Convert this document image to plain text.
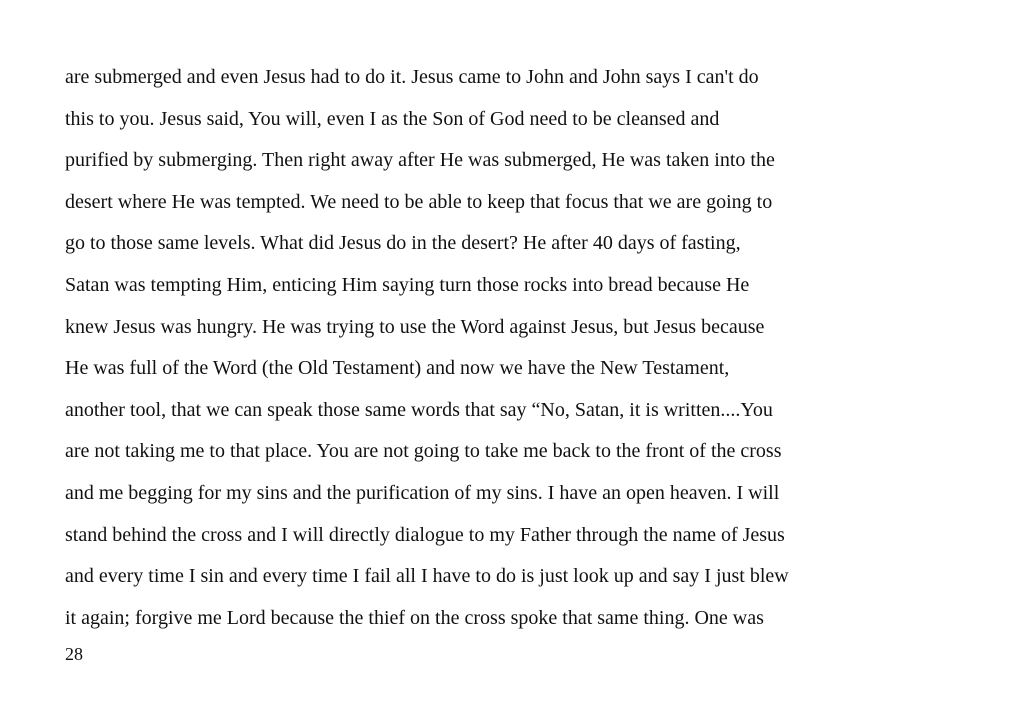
are submerged and even Jesus had to do it. Jesus came to John and John says I can't do
this to you. Jesus said, You will, even I as the Son of God need to be cleansed and
purified by submerging. Then right away after He was submerged, He was taken into the
desert where He was tempted. We need to be able to keep that focus that we are going to
go to those same levels. What did Jesus do in the desert? He after 40 days of fasting,
Satan was tempting Him, enticing Him saying turn those rocks into bread because He
knew Jesus was hungry. He was trying to use the Word against Jesus, but Jesus because
He was full of the Word (the Old Testament) and now we have the New Testament,
another tool, that we can speak those same words that say “No, Satan, it is written....You
are not taking me to that place. You are not going to take me back to the front of the cross
and me begging for my sins and the purification of my sins. I have an open heaven. I will
stand behind the cross and I will directly dialogue to my Father through the name of Jesus
and every time I sin and every time I fail all I have to do is just look up and say I just blew
it again; forgive me Lord because the thief on the cross spoke that same thing. One was
28
